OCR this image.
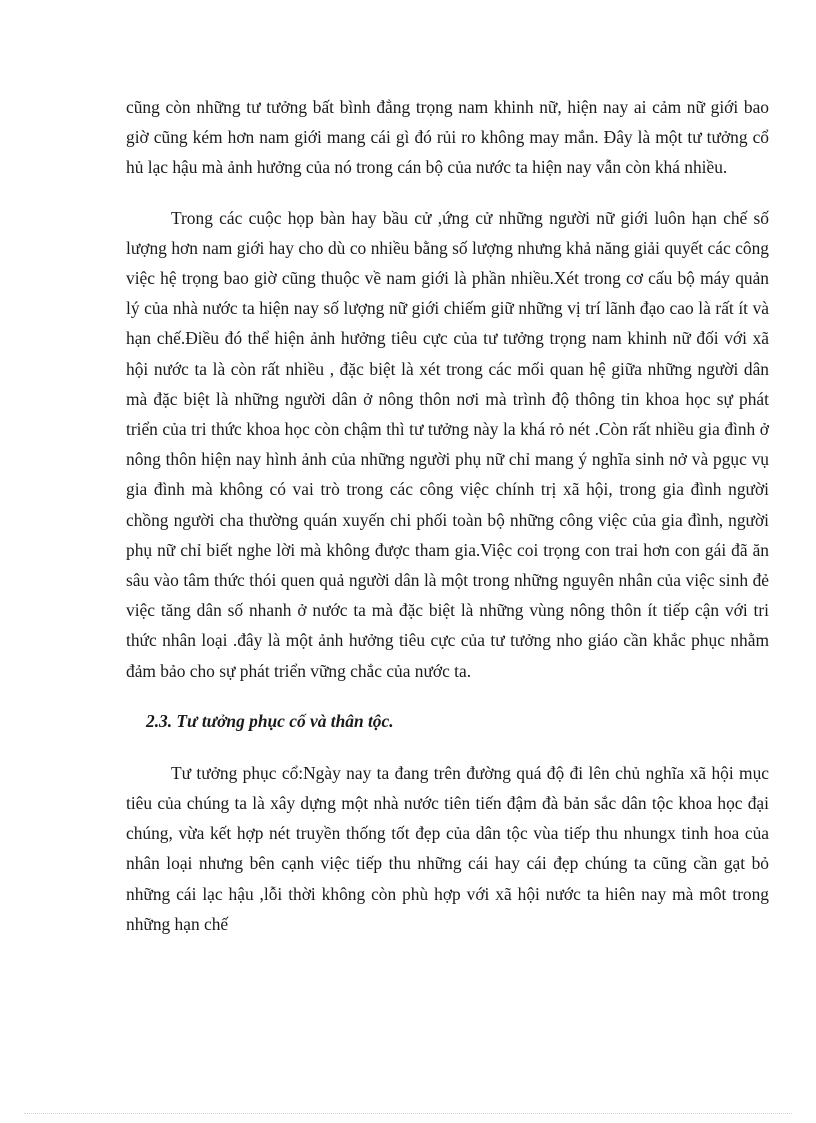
cũng còn những tư tưởng bất bình đẳng trọng nam khinh nữ, hiện nay ai cảm nữ giới bao giờ cũng kém hơn nam giới mang cái gì đó rủi ro không may mắn. Đây là một tư tưởng cổ hủ lạc hậu mà ảnh hưởng của nó trong cán bộ của nước ta hiện nay vẫn còn khá nhiều.

Trong các cuộc họp bàn hay bầu cử ,ứng cử những người nữ giới luôn hạn chế số lượng hơn nam giới hay cho dù co nhiều bằng số lượng nhưng khả năng giải quyết các công việc hệ trọng bao giờ cũng thuộc về nam giới là phần nhiều.Xét trong cơ cấu bộ máy quản lý của nhà nước ta hiện nay số lượng nữ giới chiếm giữ những vị trí lãnh đạo cao là rất ít và hạn chế.Điều đó thể hiện ảnh hưởng tiêu cực của tư tưởng trọng nam khinh nữ đối với xã hội nước ta là còn rất nhiều , đặc biệt là xét trong các mối quan hệ giữa những người dân mà đặc biệt là những người dân ở nông thôn nơi mà trình độ thông tin khoa học sự phát triển của tri thức khoa học còn chậm thì tư tưởng này la khá rỏ nét .Còn rất nhiều gia đình ở nông thôn hiện nay hình ảnh của những người phụ nữ chỉ mang ý nghĩa sinh nở và pgục vụ gia đình mà không có vai trò trong các công việc chính trị xã hội, trong gia đình người chồng người cha thường quán xuyến chi phối toàn bộ những công việc của gia đình, người phụ nữ chỉ biết nghe lời mà không được tham gia.Việc coi trọng con trai hơn con gái đã ăn sâu vào tâm thức thói quen quả người dân là một trong những nguyên nhân của việc sinh đẻ việc tăng dân số nhanh ở nước ta mà đặc biệt là những vùng nông thôn ít tiếp cận với tri thức nhân loại .đây là một ảnh hưởng tiêu cực của tư tưởng nho giáo cần khắc phục nhằm đảm bảo cho sự phát triển vững chắc của nước ta.

2.3. Tư tưởng phục cố và thân tộc.

Tư tưởng phục cổ:Ngày nay ta đang trên đường quá độ đi lên chủ nghĩa xã hội mục tiêu của chúng ta là xây dựng một nhà nước tiên tiến đậm đà bản sắc dân tộc khoa học đại chúng, vừa kết hợp nét truyền thống tốt đẹp của dân tộc vùa tiếp thu nhungx tinh hoa của nhân loại nhưng bên cạnh việc tiếp thu những cái hay cái đẹp chúng ta cũng cần gạt bỏ những cái lạc hậu ,lỗi thời không còn phù hợp với xã hội nước ta hiên nay mà môt trong những hạn chế
